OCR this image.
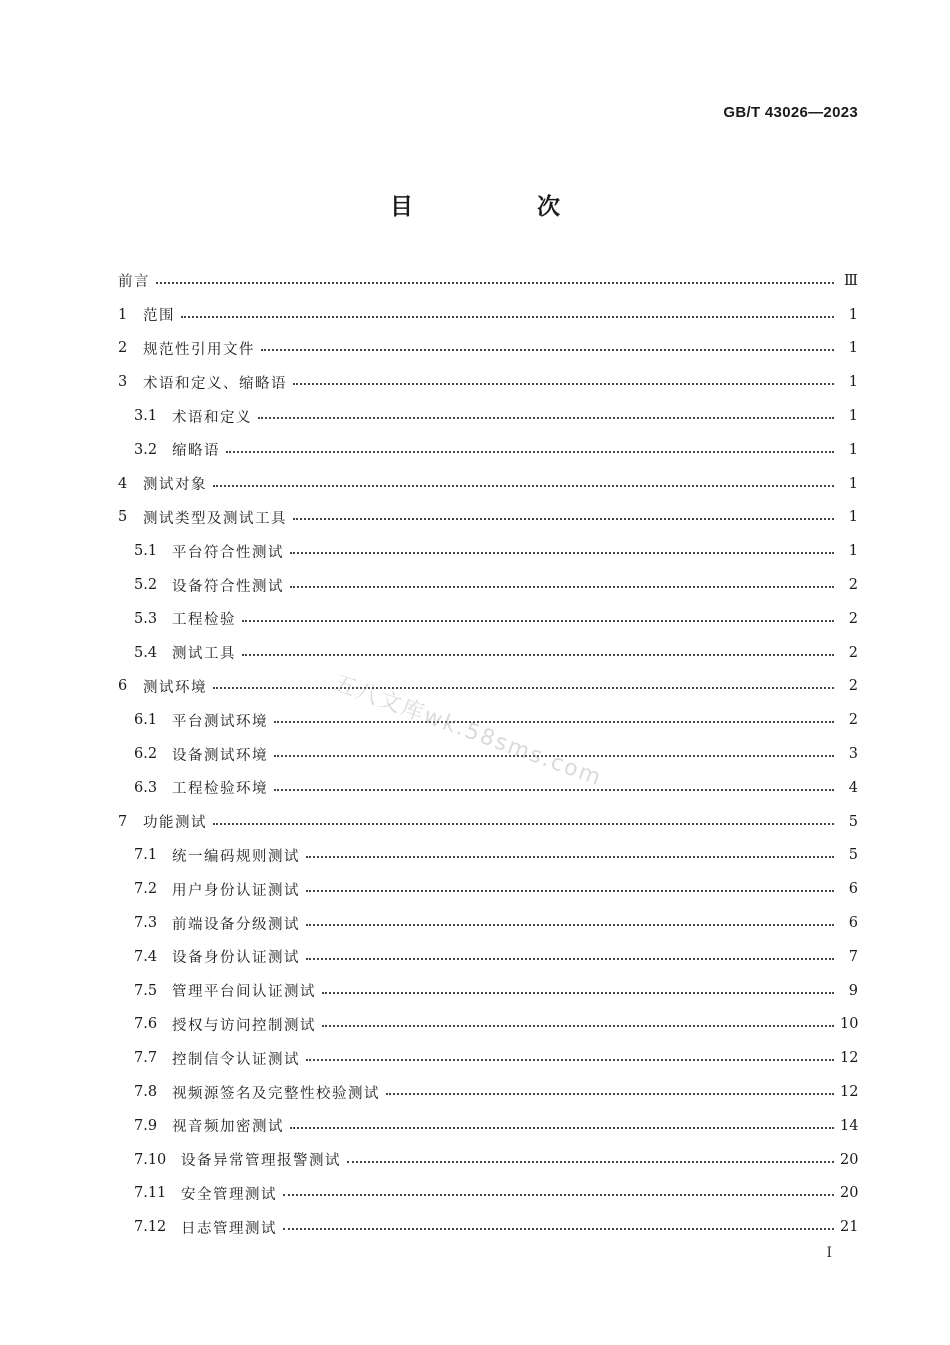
GB/T 43026—2023
目 次
前言	Ⅲ
1	范围	1
2	规范性引用文件	1
3	术语和定义、缩略语	1
3.1	术语和定义	1
3.2	缩略语	1
4	测试对象	1
5	测试类型及测试工具	1
5.1	平台符合性测试	1
5.2	设备符合性测试	2
5.3	工程检验	2
5.4	测试工具	2
6	测试环境	2
6.1	平台测试环境	2
6.2	设备测试环境	3
6.3	工程检验环境	4
7	功能测试	5
7.1	统一编码规则测试	5
7.2	用户身份认证测试	6
7.3	前端设备分级测试	6
7.4	设备身份认证测试	7
7.5	管理平台间认证测试	9
7.6	授权与访问控制测试	10
7.7	控制信令认证测试	12
7.8	视频源签名及完整性校验测试	12
7.9	视音频加密测试	14
7.10	设备异常管理报警测试	20
7.11	安全管理测试	20
7.12	日志管理测试	21
五八文库wk.58sms.com
I
